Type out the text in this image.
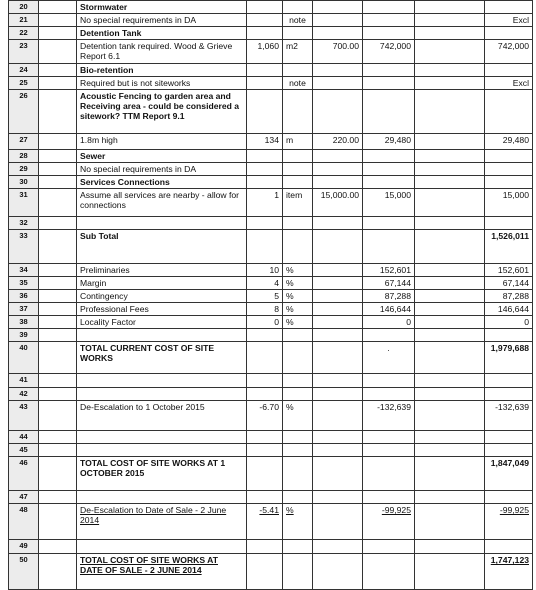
20		Stormwater						
21		No special requirements in DA		note				Excl
22		Detention Tank						
23		Detention tank required. Wood & Grieve Report 6.1	1,060	m2	700.00	742,000		742,000
24		Bio-retention						
25		Required but is not siteworks		note				Excl
26		Acoustic Fencing to garden area and Receiving area - could be considered a sitework? TTM Report 9.1						
27		1.8m high	134	m	220.00	29,480		29,480
28		Sewer						
29		No special requirements in DA						
30		Services Connections						
31		Assume all services are nearby - allow for connections	1	item	15,000.00	15,000		15,000
32								
33		Sub Total						1,526,011
34		Preliminaries	10	%		152,601		152,601
35		Margin	4	%		67,144		67,144
36		Contingency	5	%		87,288		87,288
37		Professional Fees	8	%		146,644		146,644
38		Locality Factor	0	%		0		0
39								
40		TOTAL CURRENT COST OF SITE WORKS				.		1,979,688
41								
42								
43		De-Escalation to 1 October 2015	-6.70	%		-132,639		-132,639
44								
45								
46		TOTAL COST OF SITE WORKS AT 1 OCTOBER 2015						1,847,049
47								
48		De-Escalation to Date of Sale - 2 June 2014	-5.41	%		-99,925		-99,925
49								
50		TOTAL COST OF SITE WORKS AT DATE OF SALE - 2 JUNE 2014						1,747,123
